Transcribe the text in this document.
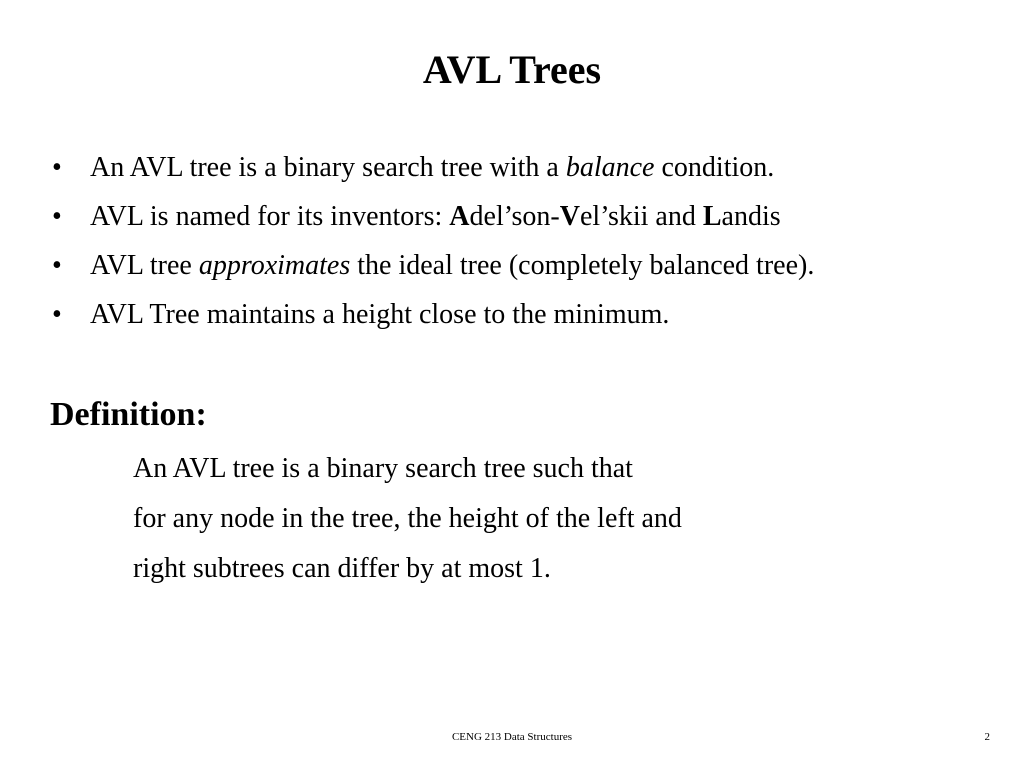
AVL Trees
• An AVL tree is a binary search tree with a balance condition.
• AVL is named for its inventors: Adel’son-Vel’skii and Landis
• AVL tree approximates the ideal tree (completely balanced tree).
• AVL Tree maintains a height close to the minimum.
Definition:
An AVL tree is a binary search tree such that
for any node in the tree, the height of the left and
right subtrees can differ by at most 1.
CENG 213 Data Structures	2
